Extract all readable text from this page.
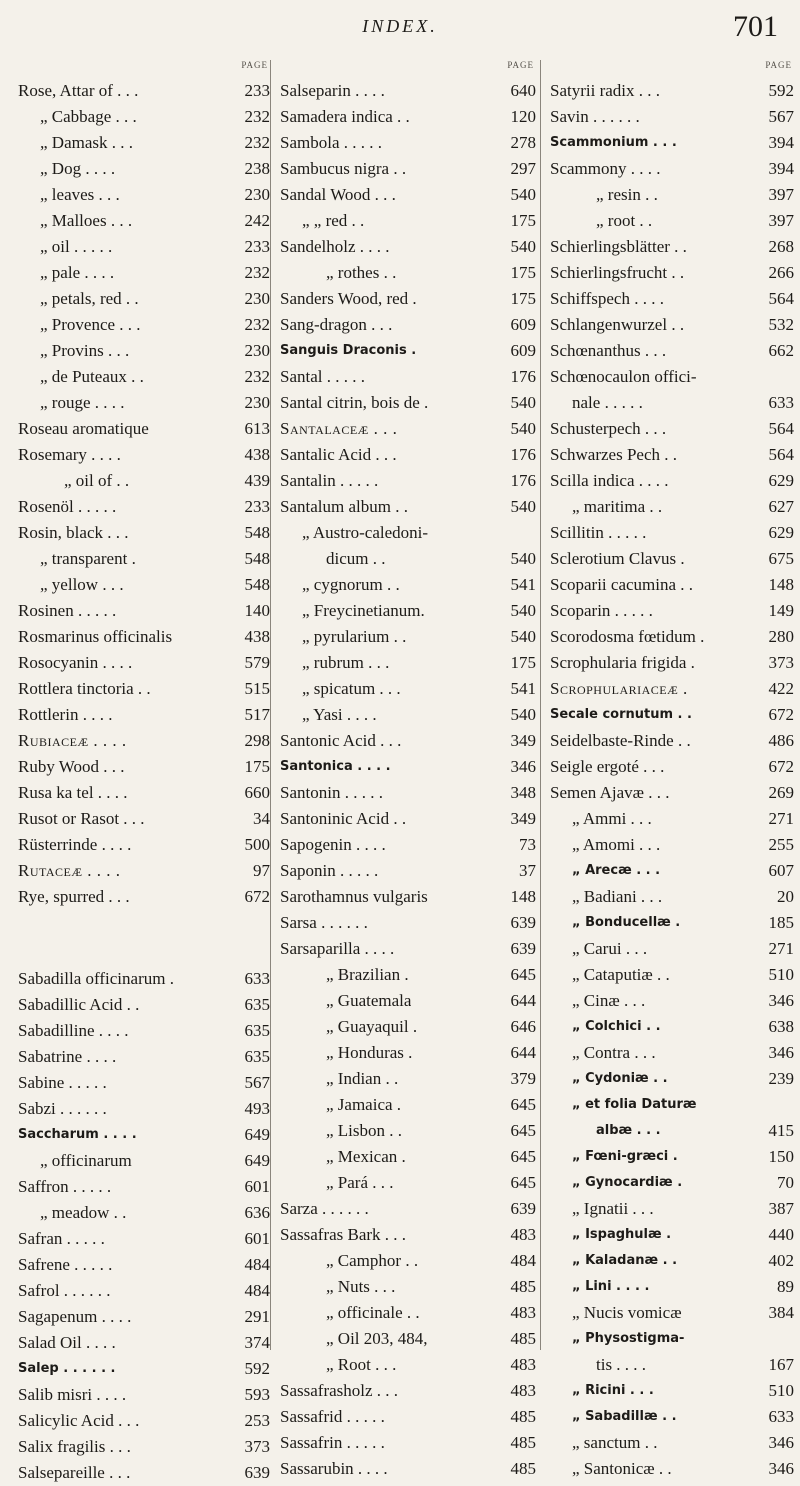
INDEX.	701
PAGE
Rose, Attar of . . .	233
„ Cabbage . . .	232
„ Damask . . .	232
„ Dog . . . .	238
„ leaves . . .	230
„ Malloes . . .	242
„ oil . . . . .	233
„ pale . . . .	232
„ petals, red . .	230
„ Provence . . .	232
„ Provins . . .	230
„ de Puteaux . .	232
„ rouge . . . .	230
Roseau aromatique	613
Rosemary . . . .	438
„ oil of . .	439
Rosenöl . . . . .	233
Rosin, black . . .	548
„ transparent .	548
„ yellow . . .	548
Rosinen . . . . .	140
Rosmarinus officinalis	438
Rosocyanin . . . .	579
Rottlera tinctoria . .	515
Rottlerin . . . .	517
Rubiaceæ . . . .	298
Ruby Wood . . .	175
Rusa ka tel . . . .	660
Rusot or Rasot . . .	34
Rüsterrinde . . . .	500
Rutaceæ . . . .	97
Rye, spurred . . .	672
Sabadilla officinarum .	633
Sabadillic Acid . .	635
Sabadilline . . . .	635
Sabatrine . . . .	635
Sabine . . . . .	567
Sabzi . . . . . .	493
Saccharum . . . .	649
„ officinarum	649
Saffron . . . . .	601
„ meadow . .	636
Safran . . . . .	601
Safrene . . . . .	484
Safrol . . . . . .	484
Sagapenum . . . .	291
Salad Oil . . . .	374
Salep . . . . . .	592
Salib misri . . . .	593
Salicylic Acid . . .	253
Salix fragilis . . .	373
Salsepareille . . .	639
PAGE
Salseparin . . . .	640
Samadera indica . .	120
Sambola . . . . .	278
Sambucus nigra . .	297
Sandal Wood . . .	540
„ „ red . .	175
Sandelholz . . . .	540
„ rothes . .	175
Sanders Wood, red .	175
Sang-dragon . . .	609
Sanguis Draconis .	609
Santal . . . . .	176
Santal citrin, bois de .	540
Santalaceæ . . .	540
Santalic Acid . . .	176
Santalin . . . . .	176
Santalum album . .	540
„ Austro-caledoni-
dicum . .	540
„ cygnorum . .	541
„ Freycinetianum.	540
„ pyrularium . .	540
„ rubrum . . .	175
„ spicatum . . .	541
„ Yasi . . . .	540
Santonic Acid . . .	349
Santonica . . . .	346
Santonin . . . . .	348
Santoninic Acid . .	349
Sapogenin . . . .	73
Saponin . . . . .	37
Sarothamnus vulgaris	148
Sarsa . . . . . .	639
Sarsaparilla . . . .	639
„ Brazilian .	645
„ Guatemala	644
„ Guayaquil .	646
„ Honduras .	644
„ Indian . .	379
„ Jamaica .	645
„ Lisbon . .	645
„ Mexican .	645
„ Pará . . .	645
Sarza . . . . . .	639
Sassafras Bark . . .	483
„ Camphor . .	484
„ Nuts . . .	485
„ officinale . .	483
„ Oil 203, 484,	485
„ Root . . .	483
Sassafrasholz . . .	483
Sassafrid . . . . .	485
Sassafrin . . . . .	485
Sassarubin . . . .	485
PAGE
Satyrii radix . . .	592
Savin . . . . . .	567
Scammonium . . .	394
Scammony . . . .	394
„ resin . .	397
„ root . .	397
Schierlingsblätter . .	268
Schierlingsfrucht . .	266
Schiffspech . . . .	564
Schlangenwurzel . .	532
Schœnanthus . . .	662
Schœnocaulon offici-
nale . . . . .	633
Schusterpech . . .	564
Schwarzes Pech . .	564
Scilla indica . . . .	629
„ maritima . .	627
Scillitin . . . . .	629
Sclerotium Clavus .	675
Scoparii cacumina . .	148
Scoparin . . . . .	149
Scorodosma fœtidum .	280
Scrophularia frigida .	373
Scrophulariaceæ .	422
Secale cornutum . .	672
Seidelbaste-Rinde . .	486
Seigle ergoté . . .	672
Semen Ajavæ . . .	269
„ Ammi . . .	271
„ Amomi . . .	255
„ Arecæ . . .	607
„ Badiani . . .	20
„ Bonducellæ .	185
„ Carui . . .	271
„ Cataputiæ . .	510
„ Cinæ . . .	346
„ Colchici . .	638
„ Contra . . .	346
„ Cydoniæ . .	239
„ et folia Daturæ
albæ . . .	415
„ Fœni-græci .	150
„ Gynocardiæ .	70
„ Ignatii . . .	387
„ Ispaghulæ .	440
„ Kaladanæ . .	402
„ Lini . . . .	89
„ Nucis vomicæ	384
„ Physostigma-
tis . . . .	167
„ Ricini . . .	510
„ Sabadillæ . .	633
„ sanctum . .	346
„ Santonicæ . .	346
